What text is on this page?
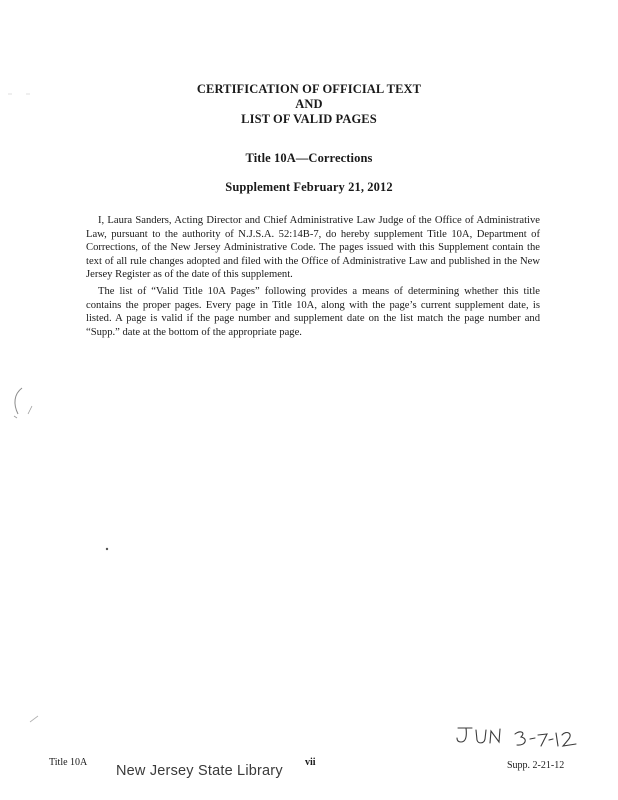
CERTIFICATION OF OFFICIAL TEXT
AND
LIST OF VALID PAGES
Title 10A—Corrections
Supplement February 21, 2012

I, Laura Sanders, Acting Director and Chief Administrative Law Judge of the Office of Administrative Law, pursuant to the authority of N.J.S.A. 52:14B-7, do hereby supplement Title 10A, Department of Corrections, of the New Jersey Administrative Code. The pages issued with this Supplement contain the text of all rule changes adopted and filed with the Office of Administrative Law and published in the New Jersey Register as of the date of this supplement.

The list of “Valid Title 10A Pages” following provides a means of determining whether this title contains the proper pages. Every page in Title 10A, along with the page’s current supplement date, is listed. A page is valid if the page number and supplement date on the list match the page number and “Supp.” date at the bottom of the appropriate page.

Title 10A	vii	Supp. 2-21-12
New Jersey State Library
